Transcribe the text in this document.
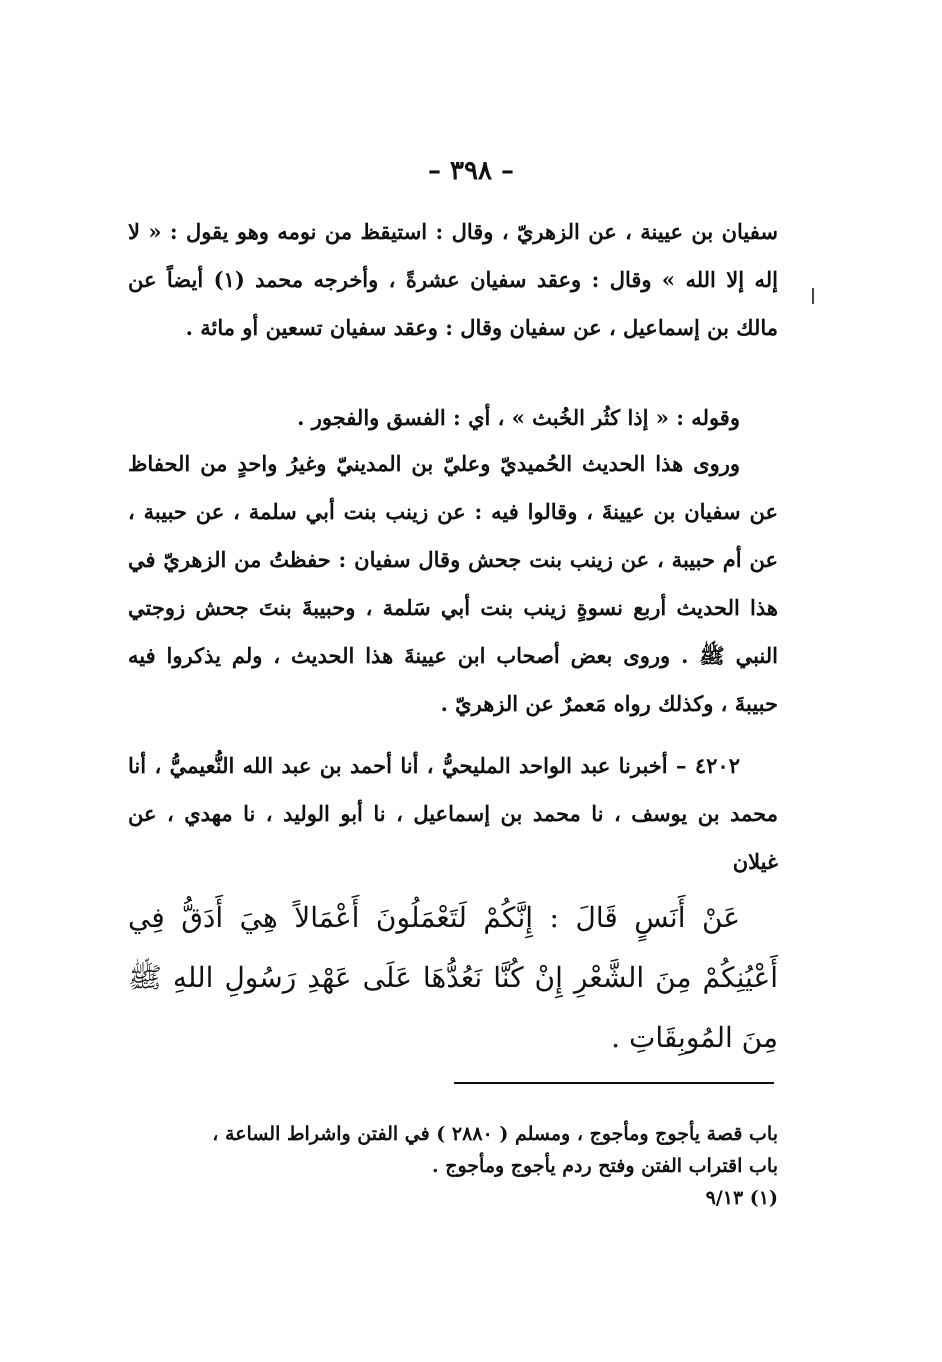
– ٣٩٨ –

سفيان بن عيينة ، عن الزهريّ ، وقال : استيقظ من نومه وهو يقول : « لا إله إلا الله » وقال : وعقد سفيان عشرةً ، وأخرجه محمد (١) أيضاً عن مالك بن إسماعيل ، عن سفيان وقال : وعقد سفيان تسعين أو مائة .

وقوله : « إذا كثُر الخُبث » ، أي : الفسق والفجور .

وروى هذا الحديث الحُميديّ وعليّ بن المدينيّ وغيرُ واحدٍ من الحفاظ عن سفيان بن عيينةَ ، وقالوا فيه : عن زينب بنت أبي سلمة ، عن حبيبة ، عن أم حبيبة ، عن زينب بنت جحش وقال سفيان : حفظتُ من الزهريّ في هذا الحديث أربع نسوةٍ زينب بنت أبي سَلمة ، وحبيبةَ بنتَ جحش زوجتي النبي ﷺ . وروى بعض أصحاب ابن عيينةَ هذا الحديث ، ولم يذكروا فيه حبيبةَ ، وكذلك رواه مَعمرٌ عن الزهريّ .

٤٢٠٢ – أخبرنا عبد الواحد المليحيُّ ، أنا أحمد بن عبد الله النُّعيميُّ ، أنا محمد بن يوسف ، نا محمد بن إسماعيل ، نا أبو الوليد ، نا مهدي ، عن غيلان

عَنْ أَنَسٍ قَالَ : إِنَّكُمْ لَتَعْمَلُونَ أَعْمَالاً هِيَ أَدَقُّ فِي أَعْيُنِكُمْ مِنَ الشَّعْرِ إِنْ كُنَّا نَعُدُّهَا عَلَى عَهْدِ رَسُولِ اللهِ ﷺ مِنَ المُوبِقَاتِ .

باب قصة يأجوج ومأجوج ، ومسلم ( ٢٨٨٠ ) في الفتن واشراط الساعة ،

باب اقتراب الفتن وفتح ردم يأجوج ومأجوج .

(١) ٩/١٣
